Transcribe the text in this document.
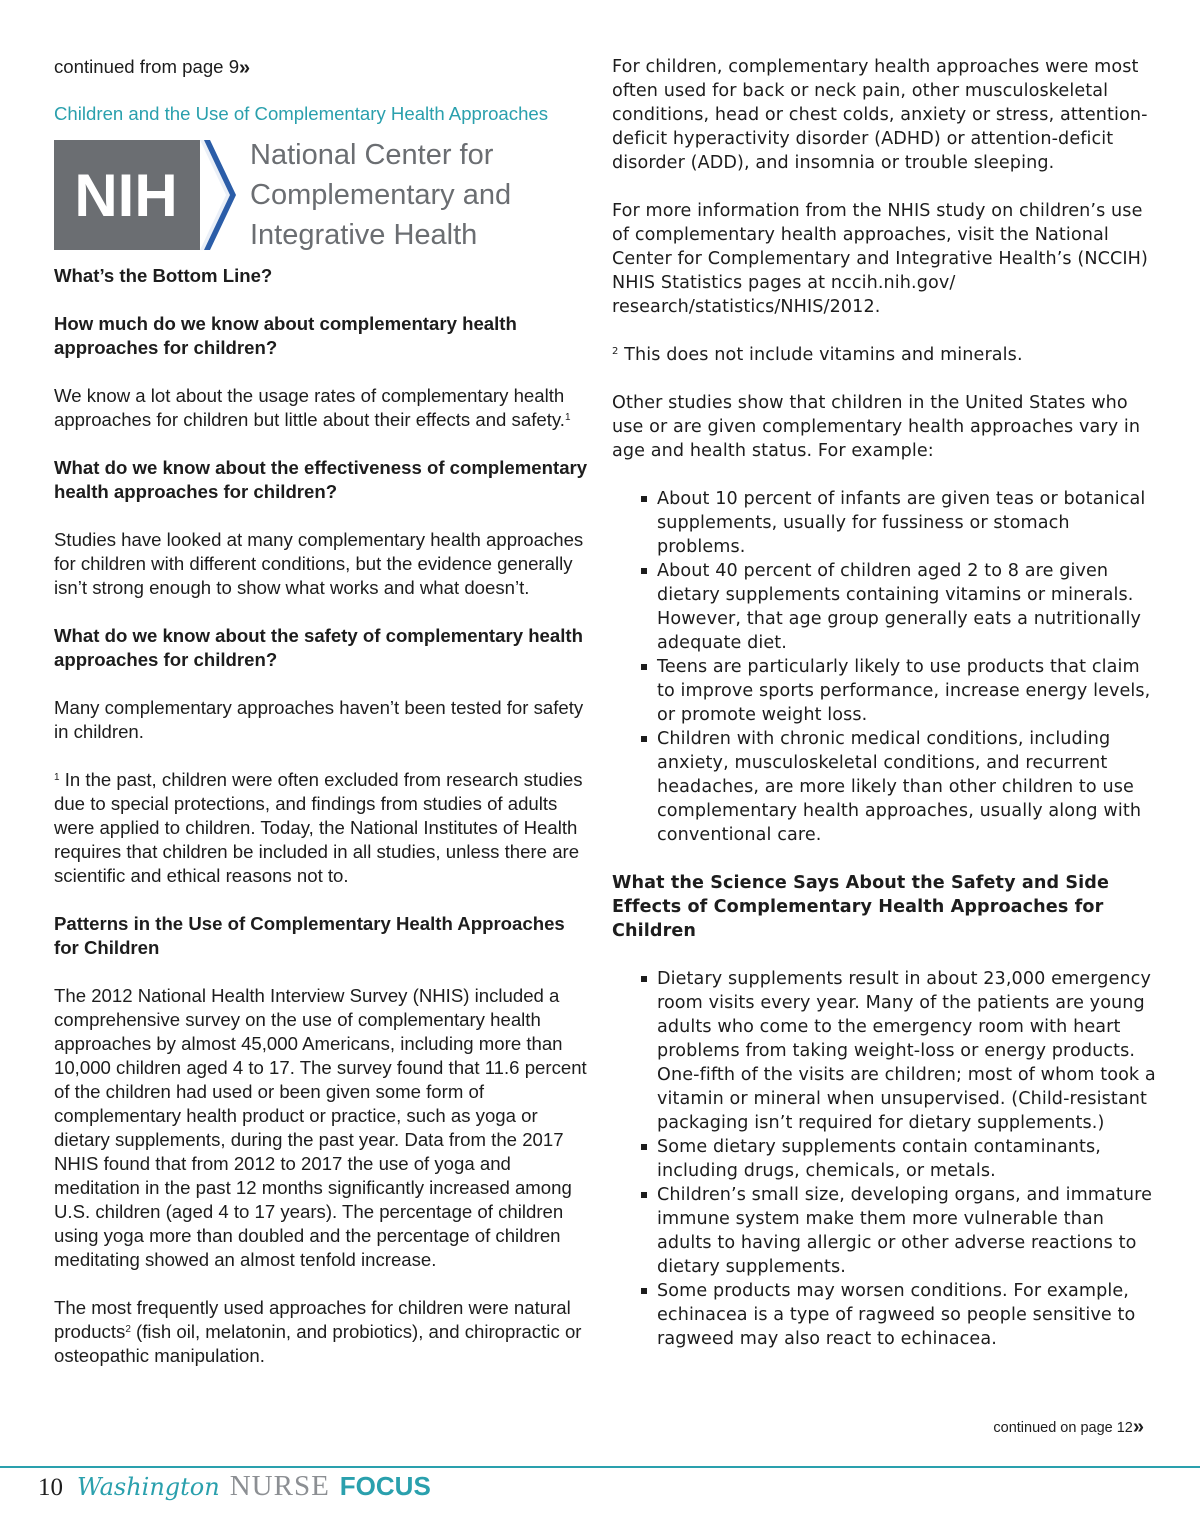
continued from page 9»

Children and the Use of Complementary Health Approaches
NIH
National Center for
Complementary and
Integrative Health
What’s the Bottom Line?
How much do we know about complementary health approaches for children?

We know a lot about the usage rates of complementary health approaches for children but little about their effects and safety.$^1$

What do we know about the effectiveness of complementary health approaches for children?

Studies have looked at many complementary health approaches for children with different conditions, but the evidence generally isn’t strong enough to show what works and what doesn’t.

What do we know about the safety of complementary health approaches for children?

Many complementary approaches haven’t been tested for safety in children.

$^1$ In the past, children were often excluded from research studies due to special protections, and findings from studies of adults were applied to children. Today, the National Institutes of Health requires that children be included in all studies, unless there are scientific and ethical reasons not to.

Patterns in the Use of Complementary Health Approaches for Children

The 2012 National Health Interview Survey (NHIS) included a comprehensive survey on the use of complementary health approaches by almost 45,000 Americans, including more than 10,000 children aged 4 to 17. The survey found that 11.6 percent of the children had used or been given some form of complementary health product or practice, such as yoga or dietary supplements, during the past year. Data from the 2017 NHIS found that from 2012 to 2017 the use of yoga and meditation in the past 12 months significantly increased among U.S. children (aged 4 to 17 years). The percentage of children using yoga more than doubled and the percentage of children meditating showed an almost tenfold increase.

The most frequently used approaches for children were natural products$^2$ (fish oil, melatonin, and probiotics), and chiropractic or osteopathic manipulation.

For children, complementary health approaches were most often used for back or neck pain, other musculoskeletal conditions, head or chest colds, anxiety or stress, attention-deficit hyperactivity disorder (ADHD) or attention-deficit disorder (ADD), and insomnia or trouble sleeping.

For more information from the NHIS study on children’s use of complementary health approaches, visit the National Center for Complementary and Integrative Health’s (NCCIH) NHIS Statistics pages at nccih.nih.gov/ research/statistics/NHIS/2012.

$^2$ This does not include vitamins and minerals.

Other studies show that children in the United States who use or are given complementary health approaches vary in age and health status. For example:

About 10 percent of infants are given teas or botanical supplements, usually for fussiness or stomach problems.
About 40 percent of children aged 2 to 8 are given dietary supplements containing vitamins or minerals. However, that age group generally eats a nutritionally adequate diet.
Teens are particularly likely to use products that claim to improve sports performance, increase energy levels, or promote weight loss.
Children with chronic medical conditions, including anxiety, musculoskeletal conditions, and recurrent headaches, are more likely than other children to use complementary health approaches, usually along with conventional care.
What the Science Says About the Safety and Side Effects of Complementary Health Approaches for Children
Dietary supplements result in about 23,000 emergency room visits every year. Many of the patients are young adults who come to the emergency room with heart problems from taking weight-loss or energy products. One-fifth of the visits are children; most of whom took a vitamin or mineral when unsupervised. (Child-resistant packaging isn’t required for dietary supplements.)
Some dietary supplements contain contaminants, including drugs, chemicals, or metals.
Children’s small size, developing organs, and immature immune system make them more vulnerable than adults to having allergic or other adverse reactions to dietary supplements.
Some products may worsen conditions. For example, echinacea is a type of ragweed so people sensitive to ragweed may also react to echinacea.

continued on page 12»

10 Washington NURSE FOCUS
